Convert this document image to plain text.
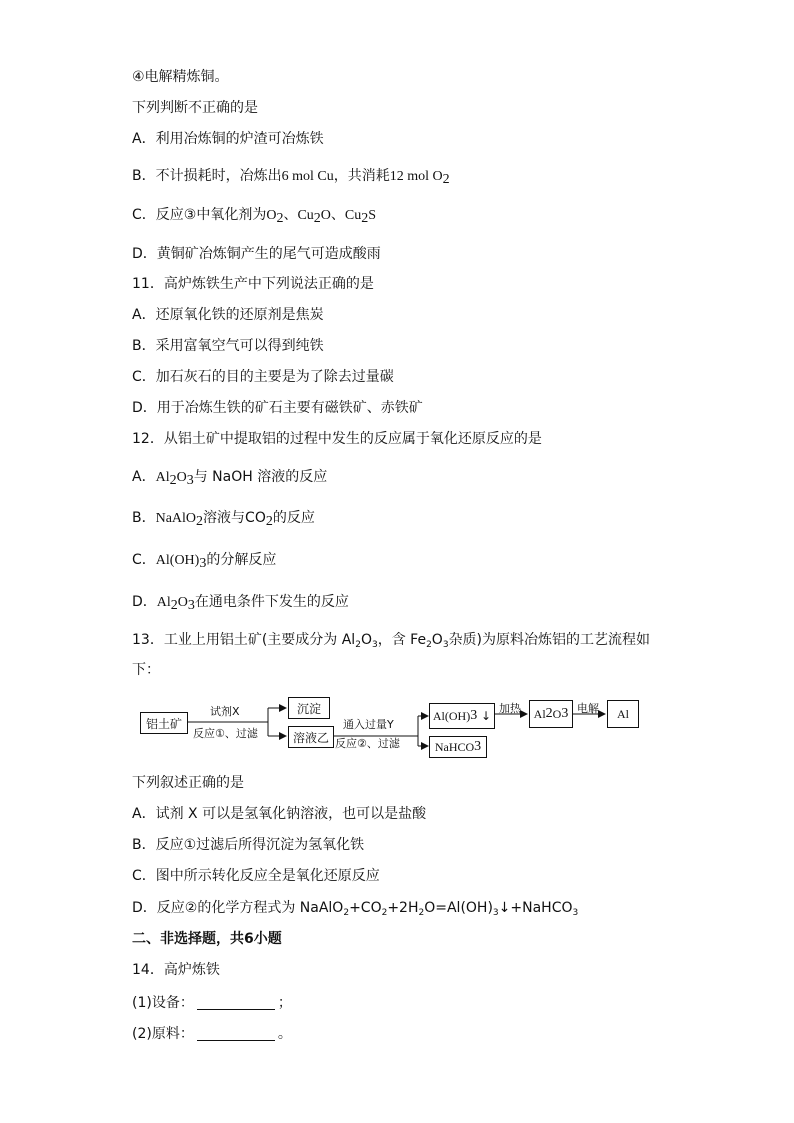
④电解精炼铜。
下列判断不正确的是
A．利用冶炼铜的炉渣可冶炼铁
B．不计损耗时，冶炼出6 mol Cu，共消耗12 mol $O_2$
C．反应③中氧化剂为$O_2$、$Cu_2O$、$Cu_2S$
D．黄铜矿冶炼铜产生的尾气可造成酸雨
11．高炉炼铁生产中下列说法正确的是
A．还原氧化铁的还原剂是焦炭
B．采用富氧空气可以得到纯铁
C．加石灰石的目的主要是为了除去过量碳
D．用于冶炼生铁的矿石主要有磁铁矿、赤铁矿
12．从铝土矿中提取铝的过程中发生的反应属于氧化还原反应的是
A．$Al_2O_3$与 NaOH 溶液的反应
B．NaAlO$_2$溶液与$CO_2$的反应
C．$Al(OH)_3$的分解反应
D．$Al_2O_3$在通电条件下发生的反应
13．工业上用铝土矿(主要成分为 $Al_2O_3$，含 $Fe_2O_3$杂质)为原料冶炼铝的工艺流程如
下：
铝土矿
试剂X
反应①、过滤
沉淀
溶液乙
通入过量Y
反应②、过滤
Al(OH) 3
↓
NaHCO 3
加热 Al 2 O 3 电解 Al
下列叙述正确的是
A．试剂 X 可以是氢氧化钠溶液，也可以是盐酸
B．反应①过滤后所得沉淀为氢氧化铁
C．图中所示转化反应全是氧化还原反应
D．反应②的化学方程式为 $NaAlO_2+CO_2+2H_2O=Al(OH)_3↓+NaHCO_3$
二、非选择题，共6小题
14．高炉炼铁
(1)设备：	；
(2)原料：	。
